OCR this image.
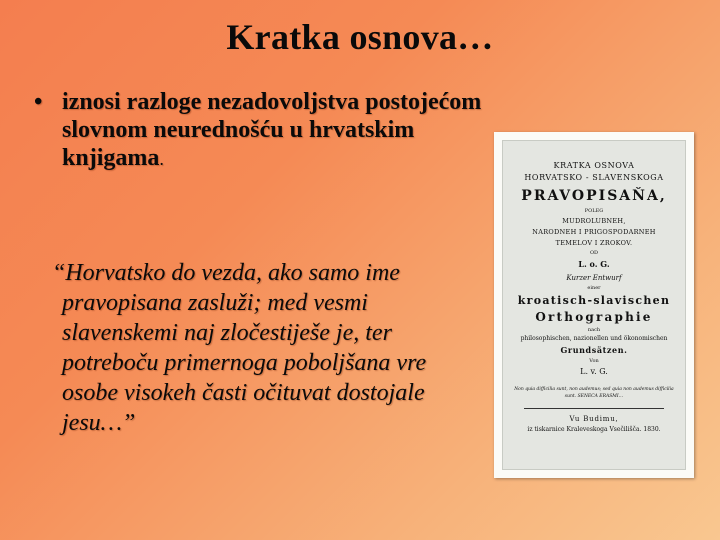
Kratka osnova…
• iznosi razloge nezadovoljstva postojećom slovnom neurednošću u hrvatskim knjigama.
“Horvatsko do vezda, ako samo ime pravopisana zasluži; med vesmi slavenskemi naj zločestiješe je, ter potreboču primernoga poboljšana vre osobe visokeh časti očituvat dostojale jesu…”
KRATKA OSNOVA
HORVATSKO - SLAVENSKOGA
PRAVOPISAŇA,
POLEG
MUDROLUBNEH,
NARODNEH I PRIGOSPODARNEH
TEMELOV I ZROKOV.
OD
L. o. G.
Kurzer Entwurf
einer
kroatisch-slavischen
Orthographie
nach
philosophischen, nazionellen und ökonomischen
Grundsätzen.
Von
L. v. G.
Non quia difficilia sunt, non audemus; sed quia non audemus difficilia sunt. SENECA ERASMI…
Vu Budimu,
iz tiskarnice Kraleveskoga Vsečilišča. 1830.
